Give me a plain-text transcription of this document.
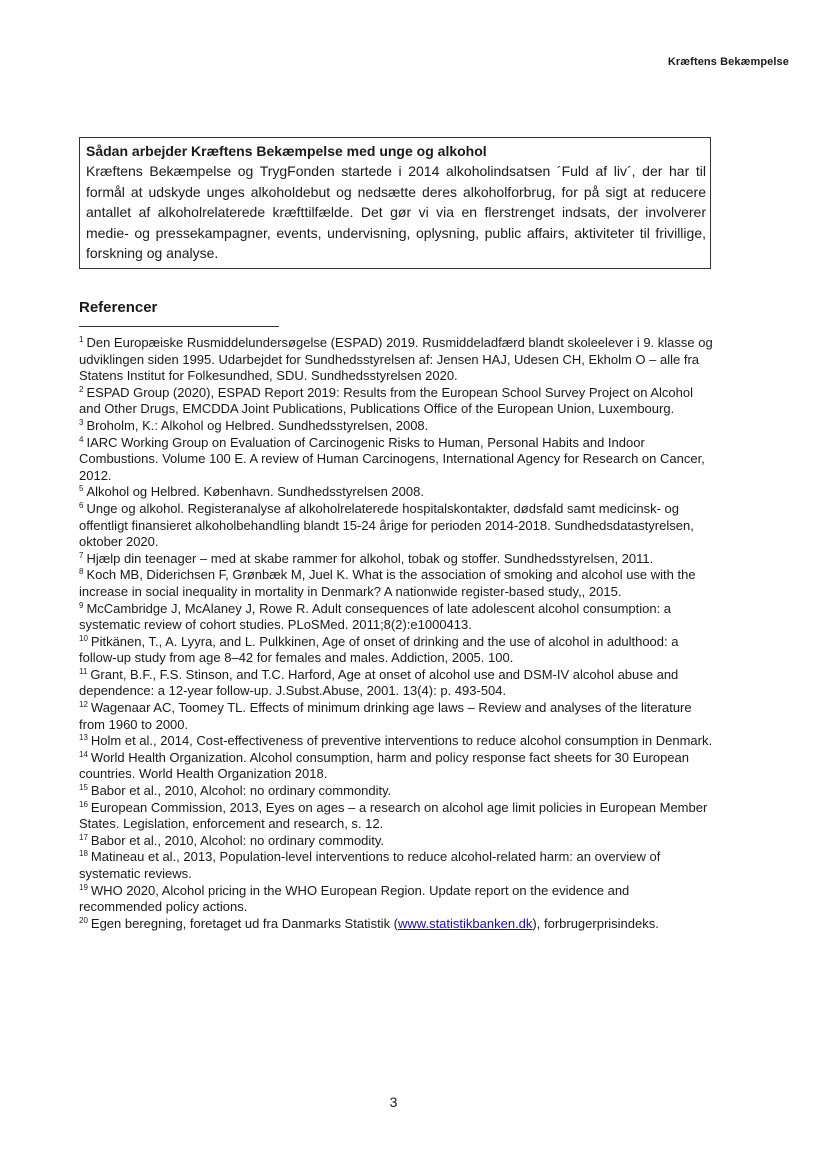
Kræftens Bekæmpelse
Sådan arbejder Kræftens Bekæmpelse med unge og alkohol
Kræftens Bekæmpelse og TrygFonden startede i 2014 alkoholindsatsen ´Fuld af liv´, der har til formål at udskyde unges alkoholdebut og nedsætte deres alkoholforbrug, for på sigt at reducere antallet af alkoholrelaterede kræfttilfælde. Det gør vi via en flerstrenget indsats, der involverer medie- og pressekampagner, events, undervisning, oplysning, public affairs, aktiviteter til frivillige, forskning og analyse.
Referencer

$^1$ Den Europæiske Rusmiddelundersøgelse (ESPAD) 2019. Rusmiddeladfærd blandt skoleelever i 9. klasse og udviklingen siden 1995. Udarbejdet for Sundhedsstyrelsen af: Jensen HAJ, Udesen CH, Ekholm O – alle fra Statens Institut for Folkesundhed, SDU. Sundhedsstyrelsen 2020.

$^2$ ESPAD Group (2020), ESPAD Report 2019: Results from the European School Survey Project on Alcohol and Other Drugs, EMCDDA Joint Publications, Publications Office of the European Union, Luxembourg.

$^3$ Broholm, K.: Alkohol og Helbred. Sundhedsstyrelsen, 2008.

$^4$ IARC Working Group on Evaluation of Carcinogenic Risks to Human, Personal Habits and Indoor Combustions. Volume 100 E. A review of Human Carcinogens, International Agency for Research on Cancer, 2012.

$^5$ Alkohol og Helbred. København. Sundhedsstyrelsen 2008.

$^6$ Unge og alkohol. Registeranalyse af alkoholrelaterede hospitalskontakter, dødsfald samt medicinsk- og offentligt finansieret alkoholbehandling blandt 15-24 årige for perioden 2014-2018. Sundhedsdatastyrelsen, oktober 2020.

$^7$ Hjælp din teenager – med at skabe rammer for alkohol, tobak og stoffer. Sundhedsstyrelsen, 2011.

$^8$ Koch MB, Diderichsen F, Grønbæk M, Juel K. What is the association of smoking and alcohol use with the increase in social inequality in mortality in Denmark? A nationwide register-based study,, 2015.

$^9$ McCambridge J, McAlaney J, Rowe R. Adult consequences of late adolescent alcohol consumption: a systematic review of cohort studies. PLoSMed. 2011;8(2):e1000413.

$^{10}$ Pitkänen, T., A. Lyyra, and L. Pulkkinen, Age of onset of drinking and the use of alcohol in adulthood: a follow-up study from age 8–42 for females and males. Addiction, 2005. 100.

$^{11}$ Grant, B.F., F.S. Stinson, and T.C. Harford, Age at onset of alcohol use and DSM-IV alcohol abuse and dependence: a 12-year follow-up. J.Subst.Abuse, 2001. 13(4): p. 493-504.

$^{12}$ Wagenaar AC, Toomey TL. Effects of minimum drinking age laws – Review and analyses of the literature from 1960 to 2000.

$^{13}$ Holm et al., 2014, Cost-effectiveness of preventive interventions to reduce alcohol consumption in Denmark.

$^{14}$ World Health Organization. Alcohol consumption, harm and policy response fact sheets for 30 European countries. World Health Organization 2018.

$^{15}$ Babor et al., 2010, Alcohol: no ordinary commondity.

$^{16}$ European Commission, 2013, Eyes on ages – a research on alcohol age limit policies in European Member States. Legislation, enforcement and research, s. 12.

$^{17}$ Babor et al., 2010, Alcohol: no ordinary commodity.

$^{18}$ Matineau et al., 2013, Population-level interventions to reduce alcohol-related harm: an overview of systematic reviews.

$^{19}$ WHO 2020, Alcohol pricing in the WHO European Region. Update report on the evidence and recommended policy actions.

$^{20}$ Egen beregning, foretaget ud fra Danmarks Statistik (www.statistikbanken.dk), forbrugerprisindeks.

3
